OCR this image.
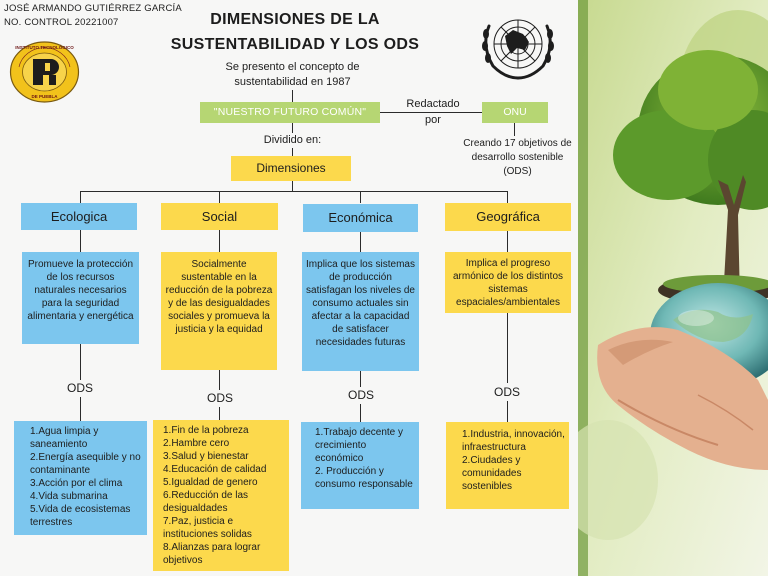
JOSÉ ARMANDO GUTIÉRREZ GARCÍA
NO. CONTROL 20221007
INSTITUTO TECNOLÓGICO
DE PUEBLA
DIMENSIONES DE LA
SUSTENTABILIDAD Y LOS ODS
Se presento el concepto de
sustentabilidad en 1987
"NUESTRO FUTURO COMÚN"
Redactado
por
ONU
Creando 17 objetivos de
desarrollo sostenible
(ODS)
Dividido en:
Dimensiones
Ecologica
Promueve la protección de los recursos naturales necesarios para la seguridad alimentaria y energética
ODS
1.Agua limpia y saneamiento
2.Energía asequible y no contaminante
3.Acción por el clima
4.Vida submarina
5.Vida de ecosistemas terrestres
Social
Socialmente sustentable en la reducción de la pobreza y de las desigualdades sociales y promueva la justicia y la equidad
ODS
1.Fin de la pobreza
2.Hambre cero
3.Salud y bienestar
4.Educación de calidad
5.Igualdad de genero
6.Reducción de las desigualdades
7.Paz, justicia e instituciones solidas
8.Alianzas para lograr objetivos
Económica
Implica que los sistemas de producción satisfagan los niveles de consumo actuales sin afectar a la capacidad de satisfacer necesidades futuras
ODS
1.Trabajo decente y crecimiento económico
2. Producción y consumo responsable
Geográfica
Implica el progreso armónico de los distintos sistemas espaciales/ambientales
ODS
1.Industria, innovación, infraestructura
2.Ciudades y comunidades sostenibles
